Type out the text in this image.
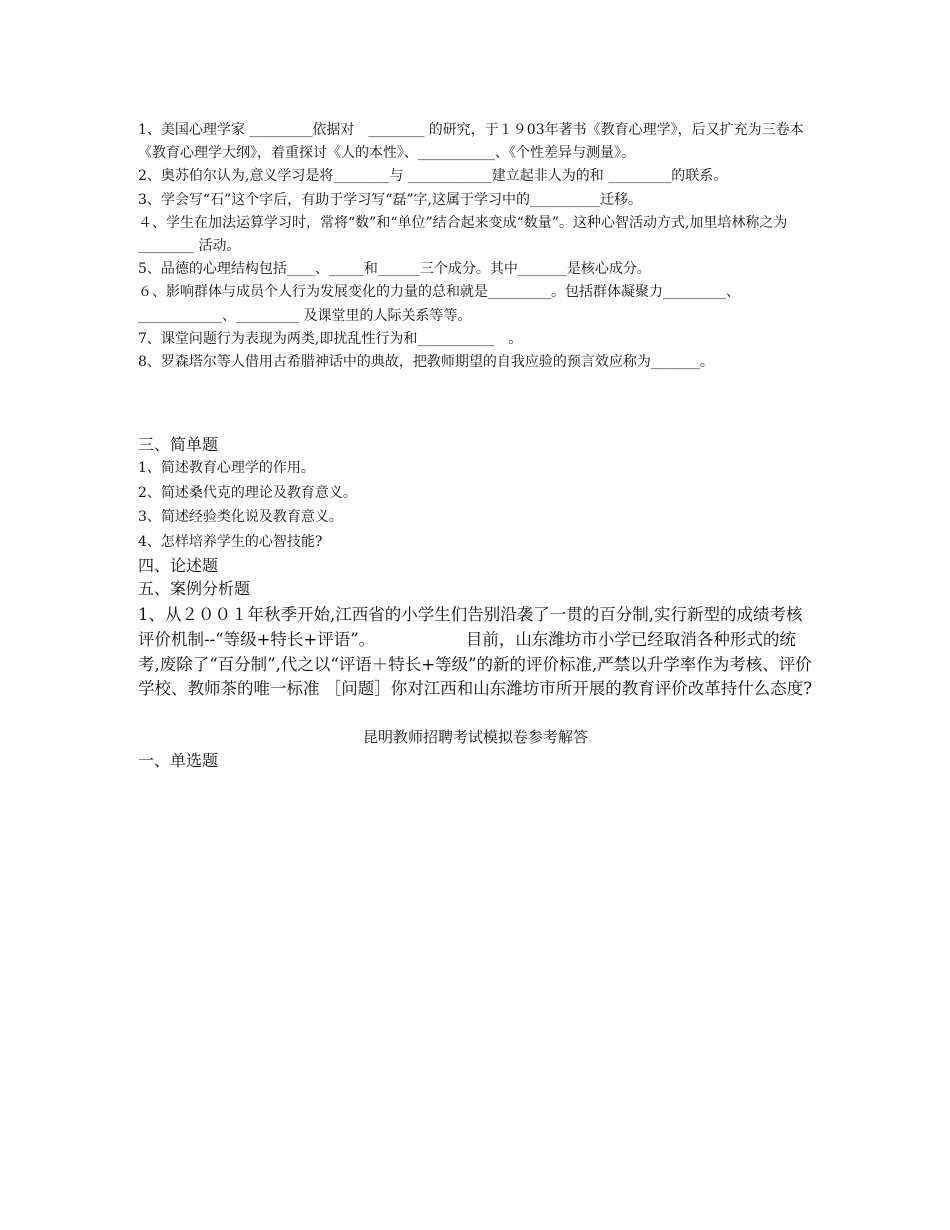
1、美国心理学家 _________依据对　________ 的研究，于１９03年著书《教育心理学》，后又扩充为三卷本《教育心理学大纲》，着重探讨《人的本性》、___________、《个性差异与测量》。

2、奥苏伯尔认为,意义学习是将________与 ____________建立起非人为的和 _________的联系。

3、学会写“石”这个字后，有助于学习写“磊”字,这属于学习中的__________迁移。

４、学生在加法运算学习时，常将“数”和“单位”结合起来变成“数量”。这种心智活动方式,加里培林称之为 ________ 活动。

5、品德的心理结构包括____、_____和______三个成分。其中_______是核心成分。

６、影响群体与成员个人行为发展变化的力量的总和就是_________。包括群体凝聚力_________、____________、_________ 及课堂里的人际关系等等。

7、课堂问题行为表现为两类,即扰乱性行为和___________　。

8、罗森塔尔等人借用古希腊神话中的典故，把教师期望的自我应验的预言效应称为_______。

三、简单题

1、简述教育心理学的作用。

2、简述桑代克的理论及教育意义。

3、简述经验类化说及教育意义。

4、怎样培养学生的心智技能?

四、论述题

五、案例分析题

1、从２００１年秋季开始,江西省的小学生们告别沿袭了一贯的百分制,实行新型的成绩考核评价机制--“等级+特长+评语”。　　　　　　目前，山东潍坊市小学已经取消各种形式的统考,废除了“百分制”,代之以“评语＋特长+等级”的新的评价标准,严禁以升学率作为考核、评价学校、教师茶的唯一标准 ［问题］你对江西和山东潍坊市所开展的教育评价改革持什么态度?

昆明教师招聘考试模拟卷参考解答

一、单选题
